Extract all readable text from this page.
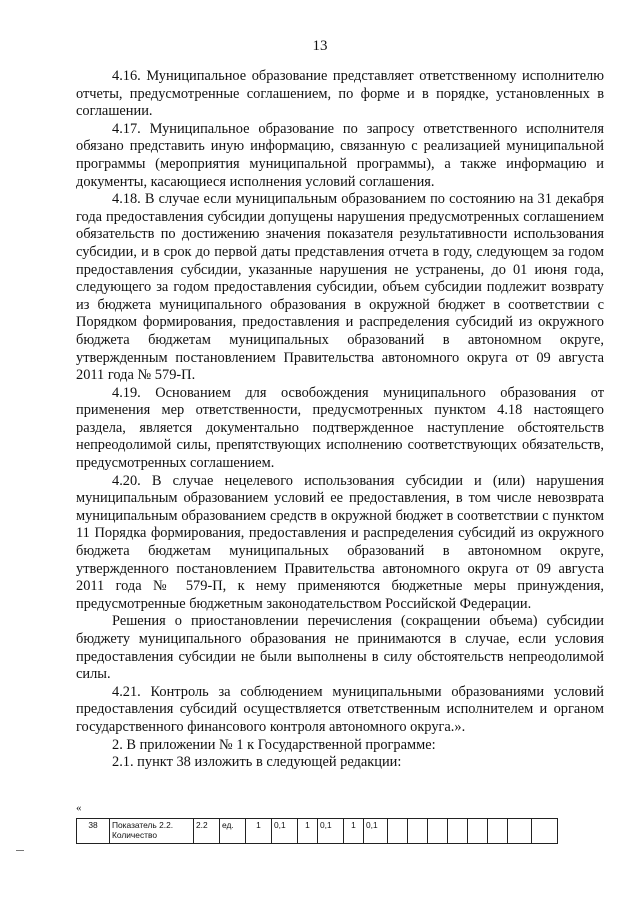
13

4.16. Муниципальное образование представляет ответственному исполнителю отчеты, предусмотренные соглашением, по форме и в порядке, установленных в соглашении.

4.17. Муниципальное образование по запросу ответственного исполнителя обязано представить иную информацию, связанную с реализацией муниципальной программы (мероприятия муниципальной программы), а также информацию и документы, касающиеся исполнения условий соглашения.

4.18. В случае если муниципальным образованием по состоянию на 31 декабря года предоставления субсидии допущены нарушения предусмотренных соглашением обязательств по достижению значения показателя результативности использования субсидии, и в срок до первой даты представления отчета в году, следующем за годом предоставления субсидии, указанные нарушения не устранены, до 01 июня года, следующего за годом предоставления субсидии, объем субсидии подлежит возврату из бюджета муниципального образования в окружной бюджет в соответствии с Порядком формирования, предоставления и распределения субсидий из окружного бюджета бюджетам муниципальных образований в автономном округе, утвержденным постановлением Правительства автономного округа от 09 августа 2011 года № 579-П.

4.19. Основанием для освобождения муниципального образования от применения мер ответственности, предусмотренных пунктом 4.18 настоящего раздела, является документально подтвержденное наступление обстоятельств непреодолимой силы, препятствующих исполнению соответствующих обязательств, предусмотренных соглашением.

4.20. В случае нецелевого использования субсидии и (или) нарушения муниципальным образованием условий ее предоставления, в том числе невозврата муниципальным образованием средств в окружной бюджет в соответствии с пунктом 11 Порядка формирования, предоставления и распределения субсидий из окружного бюджета бюджетам муниципальных образований в автономном округе, утвержденного постановлением Правительства автономного округа от 09 августа 2011 года № 579-П, к нему применяются бюджетные меры принуждения, предусмотренные бюджетным законодательством Российской Федерации.

Решения о приостановлении перечисления (сокращении объема) субсидии бюджету муниципального образования не принимаются в случае, если условия предоставления субсидии не были выполнены в силу обстоятельств непреодолимой силы.

4.21. Контроль за соблюдением муниципальными образованиями условий предоставления субсидий осуществляется ответственным исполнителем и органом государственного финансового контроля автономного округа.».

2. В приложении № 1 к Государственной программе:

2.1. пункт 38 изложить в следующей редакции:

«
38	Показатель 2.2. Количество	2.2	ед.	1	0,1	1	0,1	1	0,1								
